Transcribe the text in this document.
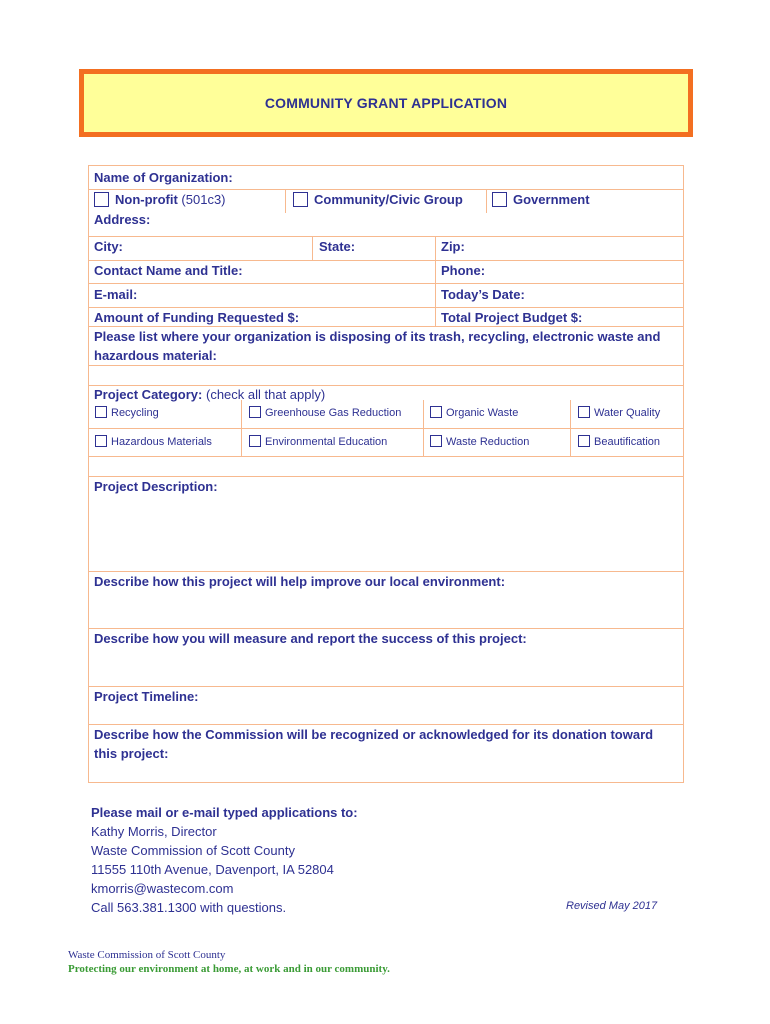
COMMUNITY GRANT APPLICATION
Name of Organization:
Non-profit (501c3)	Community/Civic Group	Government
Address:
City:	State:	Zip:
Contact Name and Title:	Phone:
E-mail:	Today’s Date:
Amount of Funding Requested $:	Total Project Budget $:
Please list where your organization is disposing of its trash, recycling, electronic waste and
hazardous material:
Project Category: (check all that apply)
Recycling	Greenhouse Gas Reduction	Organic Waste	Water Quality
Hazardous Materials	Environmental Education	Waste Reduction	Beautification
Project Description:
Describe how this project will help improve our local environment:
Describe how you will measure and report the success of this project:
Project Timeline:
Describe how the Commission will be recognized or acknowledged for its donation toward
this project:
Please mail or e-mail typed applications to:
Kathy Morris, Director
Waste Commission of Scott County
11555 110th Avenue, Davenport, IA 52804
kmorris@wastecom.com
Call 563.381.1300 with questions.	Revised May 2017
Waste Commission of Scott County
Protecting our environment at home, at work and in our community.
